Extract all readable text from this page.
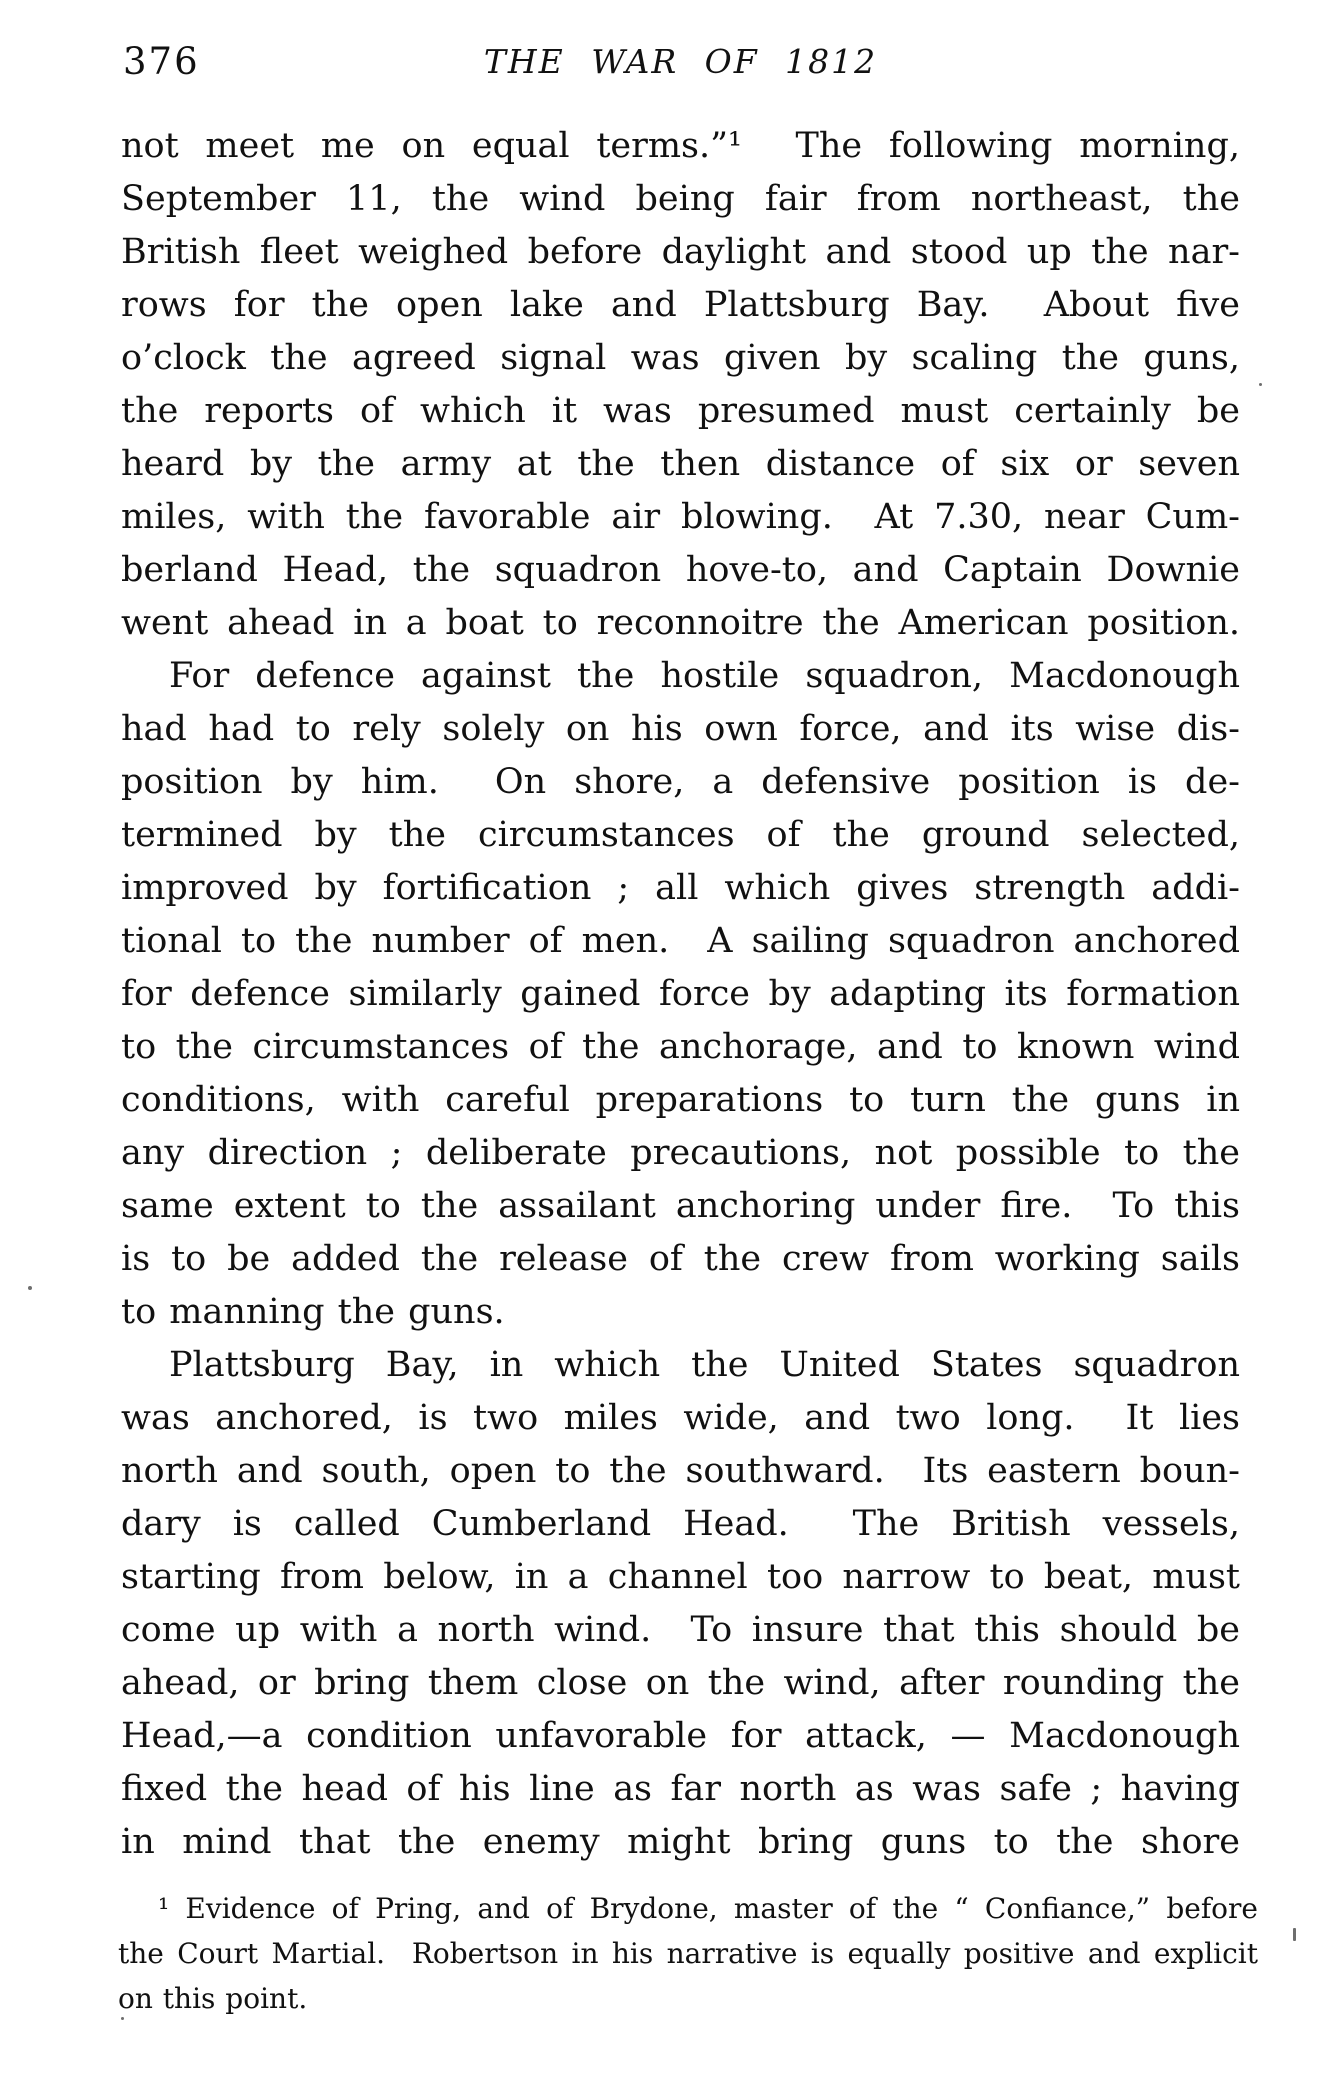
376	THE WAR OF 1812
not meet me on equal terms.”¹  The following morning,
September 11, the wind being fair from northeast, the
British fleet weighed before daylight and stood up the nar-
rows for the open lake and Plattsburg Bay.  About five
o’clock the agreed signal was given by scaling the guns,
the reports of which it was presumed must certainly be
heard by the army at the then distance of six or seven
miles, with the favorable air blowing.  At 7.30, near Cum-
berland Head, the squadron hove-to, and Captain Downie
went ahead in a boat to reconnoitre the American position.
For defence against the hostile squadron, Macdonough
had had to rely solely on his own force, and its wise dis-
position by him.  On shore, a defensive position is de-
termined by the circumstances of the ground selected,
improved by fortification ; all which gives strength addi-
tional to the number of men.  A sailing squadron anchored
for defence similarly gained force by adapting its formation
to the circumstances of the anchorage, and to known wind
conditions, with careful preparations to turn the guns in
any direction ; deliberate precautions, not possible to the
same extent to the assailant anchoring under fire.  To this
is to be added the release of the crew from working sails
to manning the guns.
Plattsburg Bay, in which the United States squadron
was anchored, is two miles wide, and two long.  It lies
north and south, open to the southward.  Its eastern boun-
dary is called Cumberland Head.  The British vessels,
starting from below, in a channel too narrow to beat, must
come up with a north wind.  To insure that this should be
ahead, or bring them close on the wind, after rounding the
Head,—a condition unfavorable for attack, — Macdonough
fixed the head of his line as far north as was safe ; having
in mind that the enemy might bring guns to the shore
¹ Evidence of Pring, and of Brydone, master of the “ Confiance,” before
the Court Martial.  Robertson in his narrative is equally positive and explicit
on this point.
